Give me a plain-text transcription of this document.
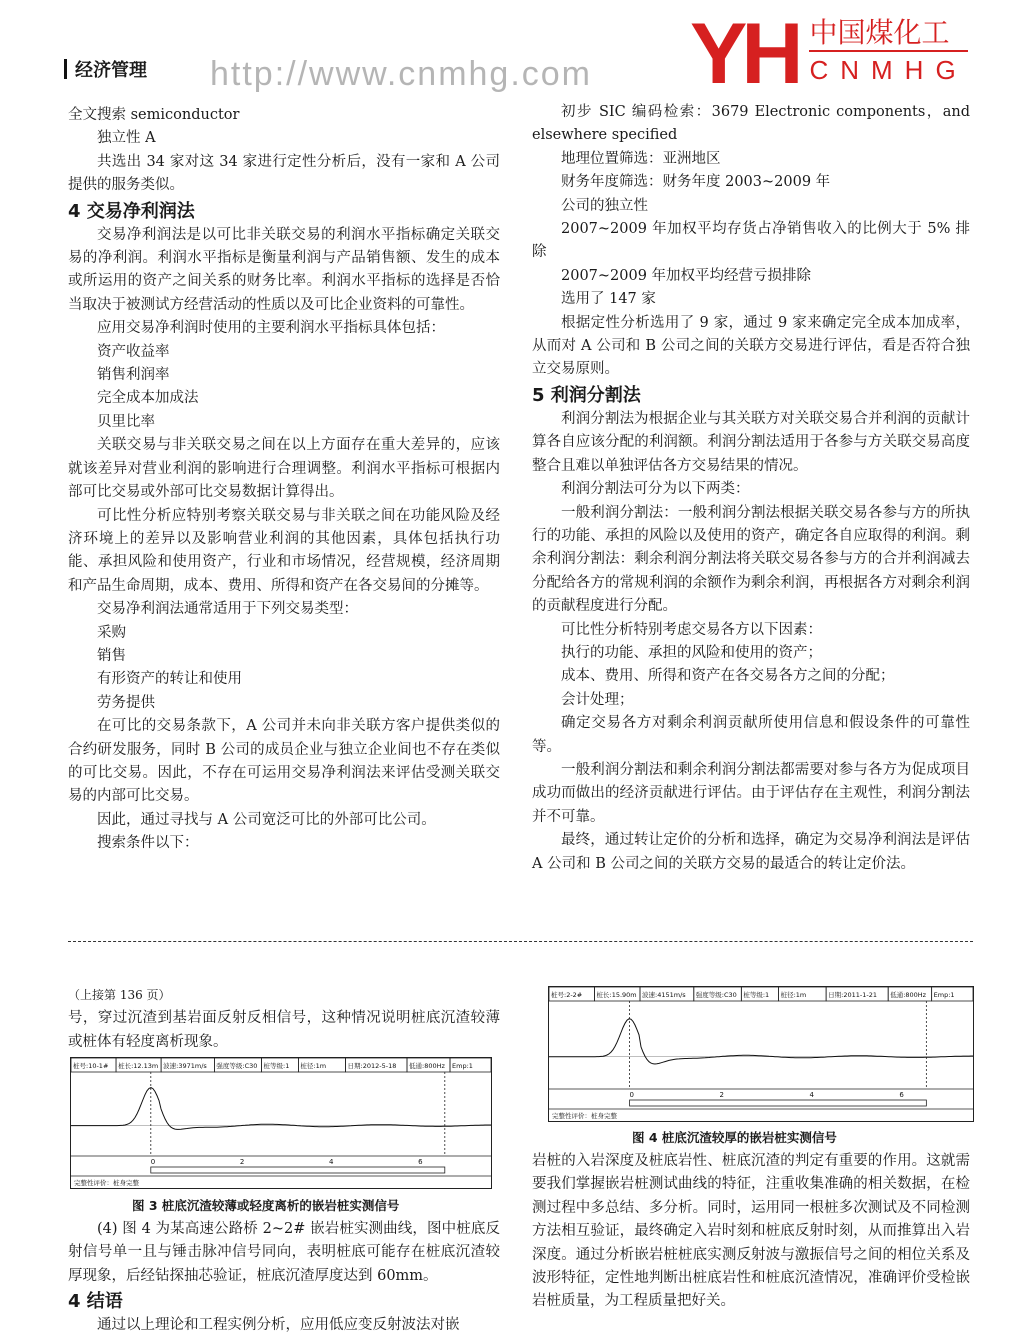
经济管理 http://www.cnmhg.com YH 中国煤化工
CNMHG

全文搜索 semiconductor

独立性 A

共选出 34 家对这 34 家进行定性分析后，没有一家和 A 公司提供的服务类似。

4 交易净利润法

交易净利润法是以可比非关联交易的利润水平指标确定关联交易的净利润。利润水平指标是衡量利润与产品销售额、发生的成本或所运用的资产之间关系的财务比率。利润水平指标的选择是否恰当取决于被测试方经营活动的性质以及可比企业资料的可靠性。

应用交易净利润时使用的主要利润水平指标具体包括：

资产收益率

销售利润率

完全成本加成法

贝里比率

关联交易与非关联交易之间在以上方面存在重大差异的，应该就该差异对营业利润的影响进行合理调整。利润水平指标可根据内部可比交易或外部可比交易数据计算得出。

可比性分析应特别考察关联交易与非关联之间在功能风险及经济环境上的差异以及影响营业利润的其他因素，具体包括执行功能、承担风险和使用资产，行业和市场情况，经营规模，经济周期和产品生命周期，成本、费用、所得和资产在各交易间的分摊等。

交易净利润法通常适用于下列交易类型：

采购

销售

有形资产的转让和使用

劳务提供

在可比的交易条款下，A 公司并未向非关联方客户提供类似的合约研发服务，同时 B 公司的成员企业与独立企业间也不存在类似的可比交易。因此，不存在可运用交易净利润法来评估受测关联交易的内部可比交易。

因此，通过寻找与 A 公司宽泛可比的外部可比公司。

搜索条件以下：

初步 SIC 编码检索：3679 Electronic components，and elsewhere specified

地理位置筛选：亚洲地区

财务年度筛选：财务年度 2003~2009 年

公司的独立性

2007~2009 年加权平均存货占净销售收入的比例大于 5% 排除

2007~2009 年加权平均经营亏损排除

选用了 147 家

根据定性分析选用了 9 家，通过 9 家来确定完全成本加成率，从而对 A 公司和 B 公司之间的关联方交易进行评估，看是否符合独立交易原则。

5 利润分割法

利润分割法为根据企业与其关联方对关联交易合并利润的贡献计算各自应该分配的利润额。利润分割法适用于各参与方关联交易高度整合且难以单独评估各方交易结果的情况。

利润分割法可分为以下两类：

一般利润分割法：一般利润分割法根据关联交易各参与方的所执行的功能、承担的风险以及使用的资产，确定各自应取得的利润。剩余利润分割法：剩余利润分割法将关联交易各参与方的合并利润减去分配给各方的常规利润的余额作为剩余利润，再根据各方对剩余利润的贡献程度进行分配。

可比性分析特别考虑交易各方以下因素：

执行的功能、承担的风险和使用的资产；

成本、费用、所得和资产在各交易各方之间的分配；

会计处理；

确定交易各方对剩余利润贡献所使用信息和假设条件的可靠性等。

一般利润分割法和剩余利润分割法都需要对参与各方为促成项目成功而做出的经济贡献进行评估。由于评估存在主观性，利润分割法并不可靠。

最终，通过转让定价的分析和选择，确定为交易净利润法是评估 A 公司和 B 公司之间的关联方交易的最适合的转让定价法。

（上接第 136 页）

号，穿过沉渣到基岩面反射反相信号，这种情况说明桩底沉渣较薄或桩体有轻度离析现象。

桩号:10-1# 桩长:12.13m 波速:3971m/s 强度等级:C30 桩等级:1 桩径:1m	日期:2012-5-18 低通:800Hz Emp:1
0	2	4	6
完整性评价：桩身完整
图 3 桩底沉渣较薄或轻度离析的嵌岩桩实测信号

(4) 图 4 为某高速公路桥 2~2# 嵌岩桩实测曲线，图中桩底反射信号单一且与锤击脉冲信号同向，表明桩底可能存在桩底沉渣较厚现象，后经钻探抽芯验证，桩底沉渣厚度达到 60mm。

4 结语

通过以上理论和工程实例分析，应用低应变反射波法对嵌

桩号:2-2# 桩长:15.90m 波速:4151m/s 强度等级:C30 桩等级:1 桩径:1m	日期:2011-1-21 低通:800Hz Emp:1
0	2	4	6
完整性评价：桩身完整
图 4 桩底沉渣较厚的嵌岩桩实测信号

岩桩的入岩深度及桩底岩性、桩底沉渣的判定有重要的作用。这就需要我们掌握嵌岩桩测试曲线的特征，注重收集准确的相关数据，在检测过程中多总结、多分析。同时，运用同一根桩多次测试及不同检测方法相互验证，最终确定入岩时刻和桩底反射时刻，从而推算出入岩深度。通过分析嵌岩桩桩底实测反射波与激振信号之间的相位关系及波形特征，定性地判断出桩底岩性和桩底沉渣情况，准确评价受检嵌岩桩质量，为工程质量把好关。
